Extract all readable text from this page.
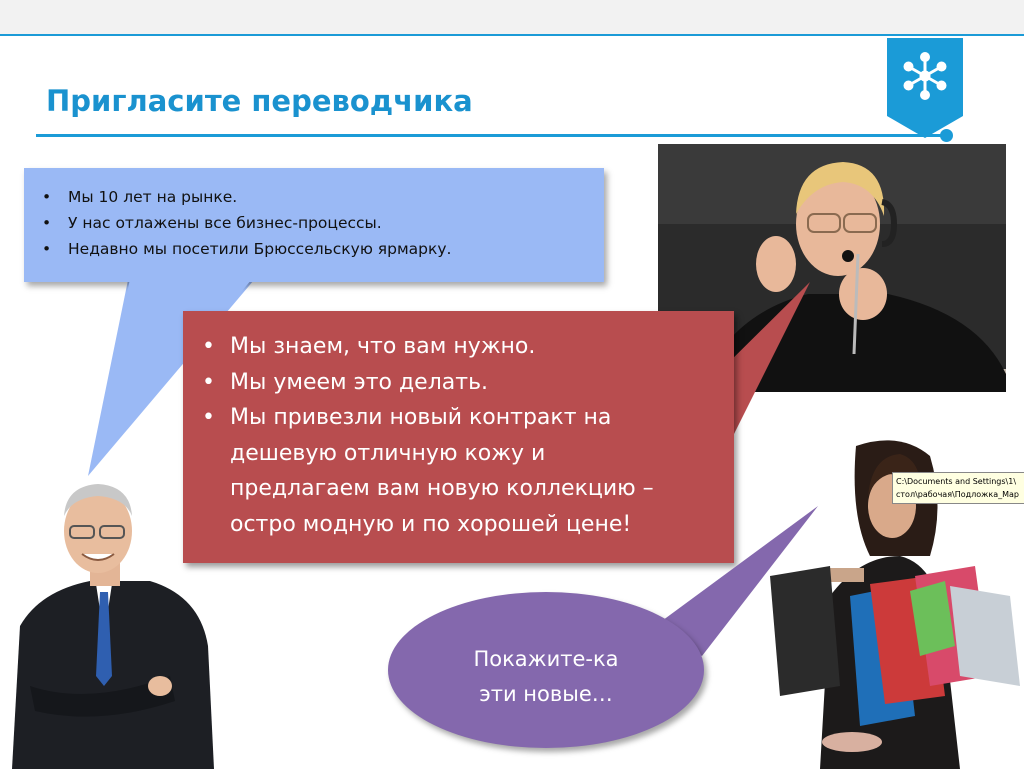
Пригласите переводчика
• Мы 10 лет на рынке.
• У нас отлажены все бизнес-процессы.
• Недавно мы посетили Брюссельскую ярмарку.
• Мы знаем, что вам нужно.
• Мы умеем это делать.
• Мы привезли новый контракт на
дешевую отличную кожу и
предлагаем вам новую коллекцию –
остро модную и по хорошей цене!
Покажите-ка
эти новые…
C:\Documents and Settings\1\
стол\рабочая\Подложка_Мар
